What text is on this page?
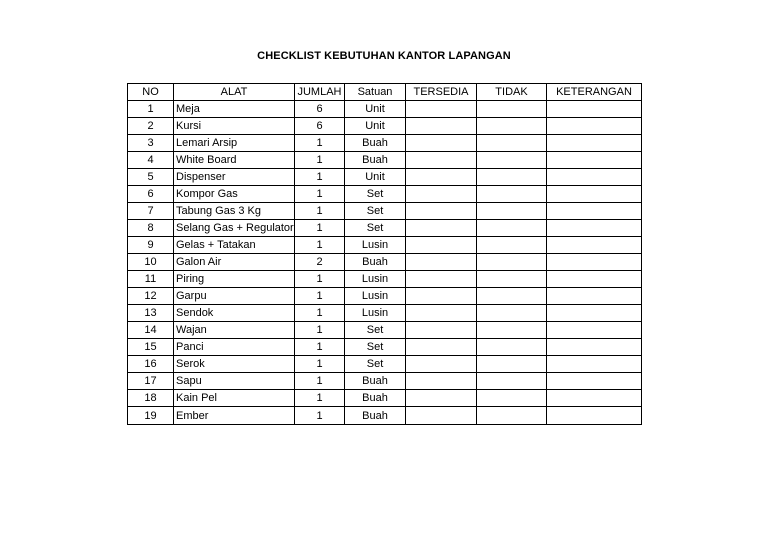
CHECKLIST KEBUTUHAN KANTOR LAPANGAN
NO	ALAT	JUMLAH	Satuan	TERSEDIA	TIDAK	KETERANGAN
1	Meja	6	Unit			
2	Kursi	6	Unit			
3	Lemari Arsip	1	Buah			
4	White Board	1	Buah			
5	Dispenser	1	Unit			
6	Kompor Gas	1	Set			
7	Tabung Gas 3 Kg	1	Set			
8	Selang Gas + Regulator	1	Set			
9	Gelas + Tatakan	1	Lusin			
10	Galon Air	2	Buah			
11	Piring	1	Lusin			
12	Garpu	1	Lusin			
13	Sendok	1	Lusin			
14	Wajan	1	Set			
15	Panci	1	Set			
16	Serok	1	Set			
17	Sapu	1	Buah			
18	Kain Pel	1	Buah			
19	Ember	1	Buah			
